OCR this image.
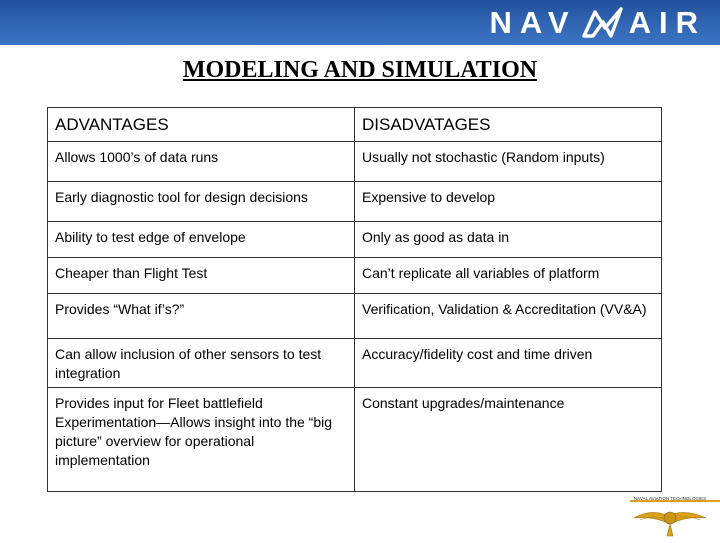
NAV AIR
MODELING AND SIMULATION
ADVANTAGES	DISADVATAGES
Allows 1000’s of data runs	Usually not stochastic (Random inputs)
Early diagnostic tool for design decisions	Expensive to develop
Ability to test edge of envelope	Only as good as data in
Cheaper than Flight Test	Can’t replicate all variables of platform
Provides “What if’s?”	Verification, Validation & Accreditation (VV&A)
Can allow inclusion of other sensors to test integration	Accuracy/fidelity cost and time driven
Provides input for Fleet battlefield Experimentation—Allows insight into the “big picture” overview for operational implementation	Constant upgrades/maintenance
NAVAL AVIATION TECHNOLOGIES
